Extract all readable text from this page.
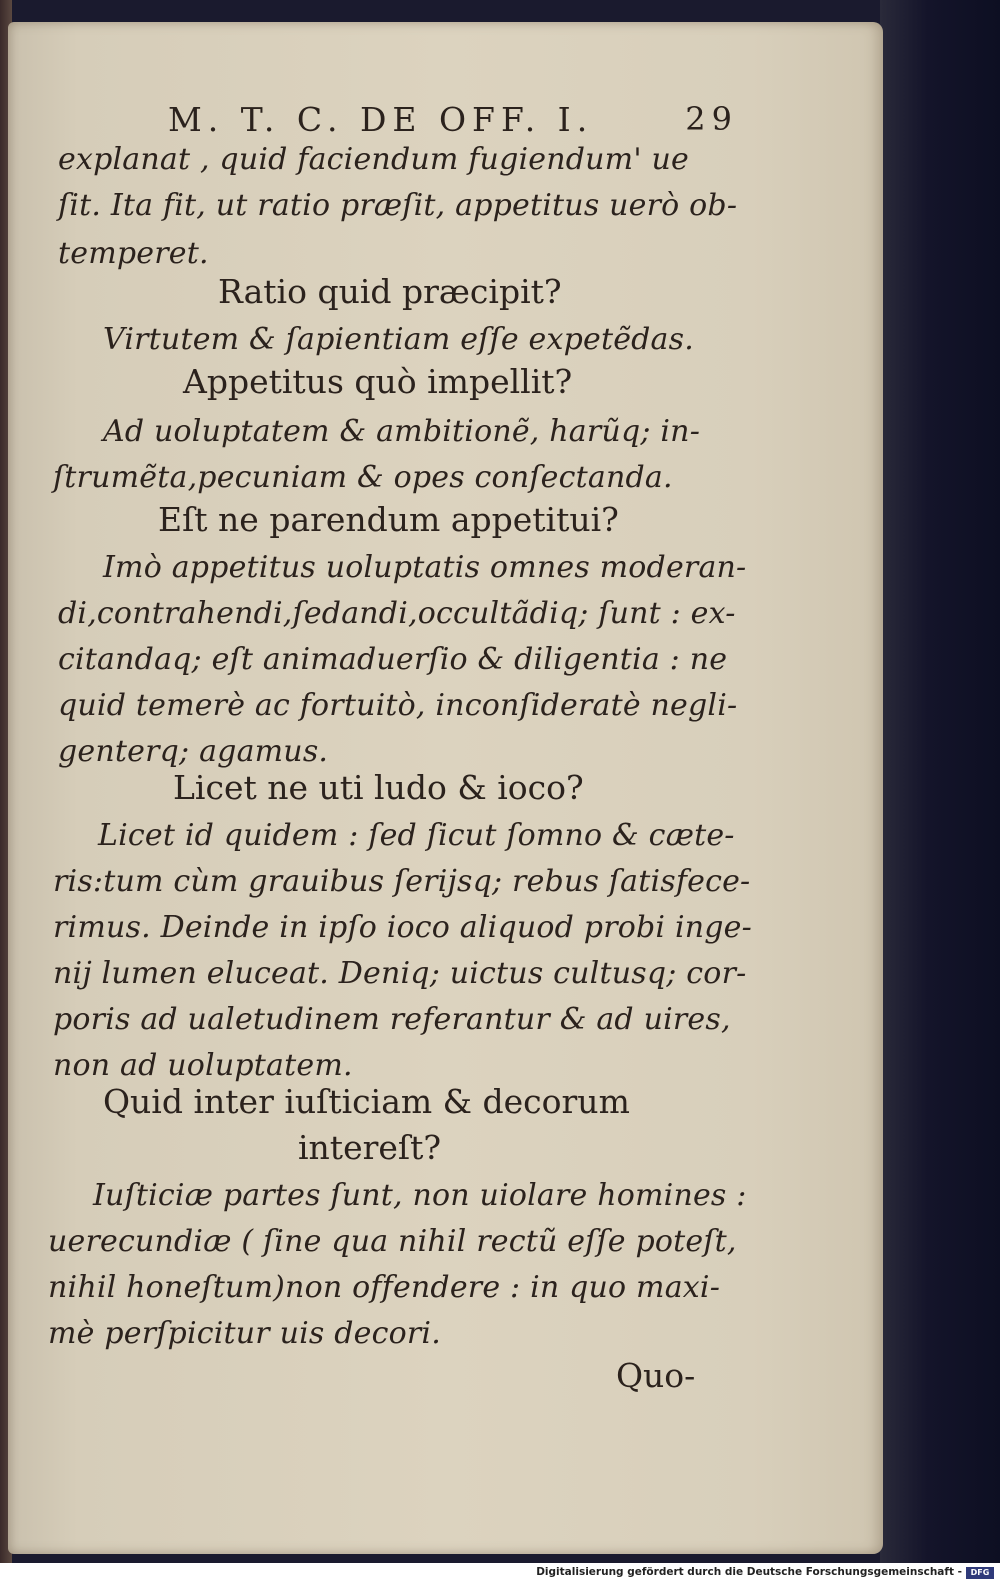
M. T. C. DE OFF. I.	29
explanat , quid faciendum fugiendum' ue
ſit. Ita fit, ut ratio præſit, appetitus uerò ob-
temperet.
Ratio quid præcipit?
Virtutem & ſapientiam eſſe expetẽdas.
Appetitus quò impellit?
Ad uoluptatem & ambitionẽ, harũq; in-
ſtrumẽta,pecuniam & opes conſectanda.
Eſt ne parendum appetitui?
Imò appetitus uoluptatis omnes moderan-
di,contrahendi,ſedandi,occultãdiq; ſunt : ex-
citandaq; eſt animaduerſio & diligentia : ne
quid temerè ac fortuitò, inconſideratè negli-
genterq; agamus.
Licet ne uti ludo & ioco?
Licet id quidem : ſed ſicut ſomno & cæte-
ris:tum cùm grauibus ſeriјsq; rebus ſatisfece-
rimus. Deinde in ipſo ioco aliquod probi inge-
nij lumen eluceat. Deniq; uictus cultusq; cor-
poris ad ualetudinem referantur & ad uires,
non ad uoluptatem.
Quid inter iuſticiam & decorum
intereſt?
Iuſticiæ partes ſunt, non uiolare homines :
uerecundiæ ( ſine qua nihil rectũ eſſe poteſt,
nihil honeſtum)non offendere : in quo maxi-
mè perſpicitur uis decori.
Quo-
Digitalisierung gefördert durch die Deutsche Forschungsgemeinschaft -	DFG
